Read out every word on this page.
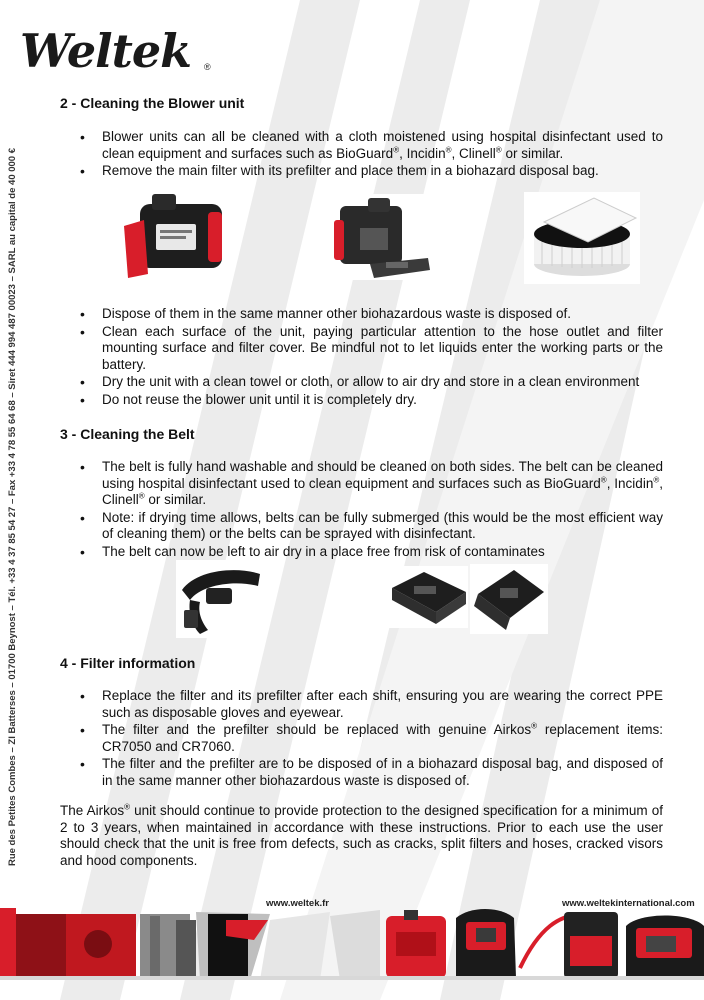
Weltek ®
Rue des Petites Combes – ZI Batterses – 01700 Beynost – Tél. +33 4 37 85 54 27 – Fax +33 4 78 55 64 68 – Siret 444 994 487 00023 – SARL au capital de 40 000 €
2 - Cleaning the Blower unit
• Blower units can all be cleaned with a cloth moistened using hospital disinfectant used to clean equipment and surfaces such as BioGuard®, Incidin®, Clinell® or similar.
• Remove the main filter with its prefilter and place them in a biohazard disposal bag.
• Dispose of them in the same manner other biohazardous waste is disposed of.
• Clean each surface of the unit, paying particular attention to the hose outlet and filter mounting surface and filter cover. Be mindful not to let liquids enter the working parts or the battery.
• Dry the unit with a clean towel or cloth, or allow to air dry and store in a clean environment
• Do not reuse the blower unit until it is completely dry.
3 - Cleaning the Belt
• The belt is fully hand washable and should be cleaned on both sides. The belt can be cleaned using hospital disinfectant used to clean equipment and surfaces such as BioGuard®, Incidin®, Clinell® or similar.
• Note: if drying time allows, belts can be fully submerged (this would be the most efficient way of cleaning them) or the belts can be sprayed with disinfectant.
• The belt can now be left to air dry in a place free from risk of contaminates
4 - Filter information
• Replace the filter and its prefilter after each shift, ensuring you are wearing the correct PPE such as disposable gloves and eyewear.
• The filter and the prefilter should be replaced with genuine Airkos® replacement items: CR7050 and CR7060.
• The filter and the prefilter are to be disposed of in a biohazard disposal bag, and disposed of in the same manner other biohazardous waste is disposed of.
The Airkos® unit should continue to provide protection to the designed specification for a minimum of 2 to 3 years, when maintained in accordance with these instructions. Prior to each use the user should check that the unit is free from defects, such as cracks, split filters and hoses, cracked visors and hood components.
www.weltek.fr	www.weltekinternational.com
